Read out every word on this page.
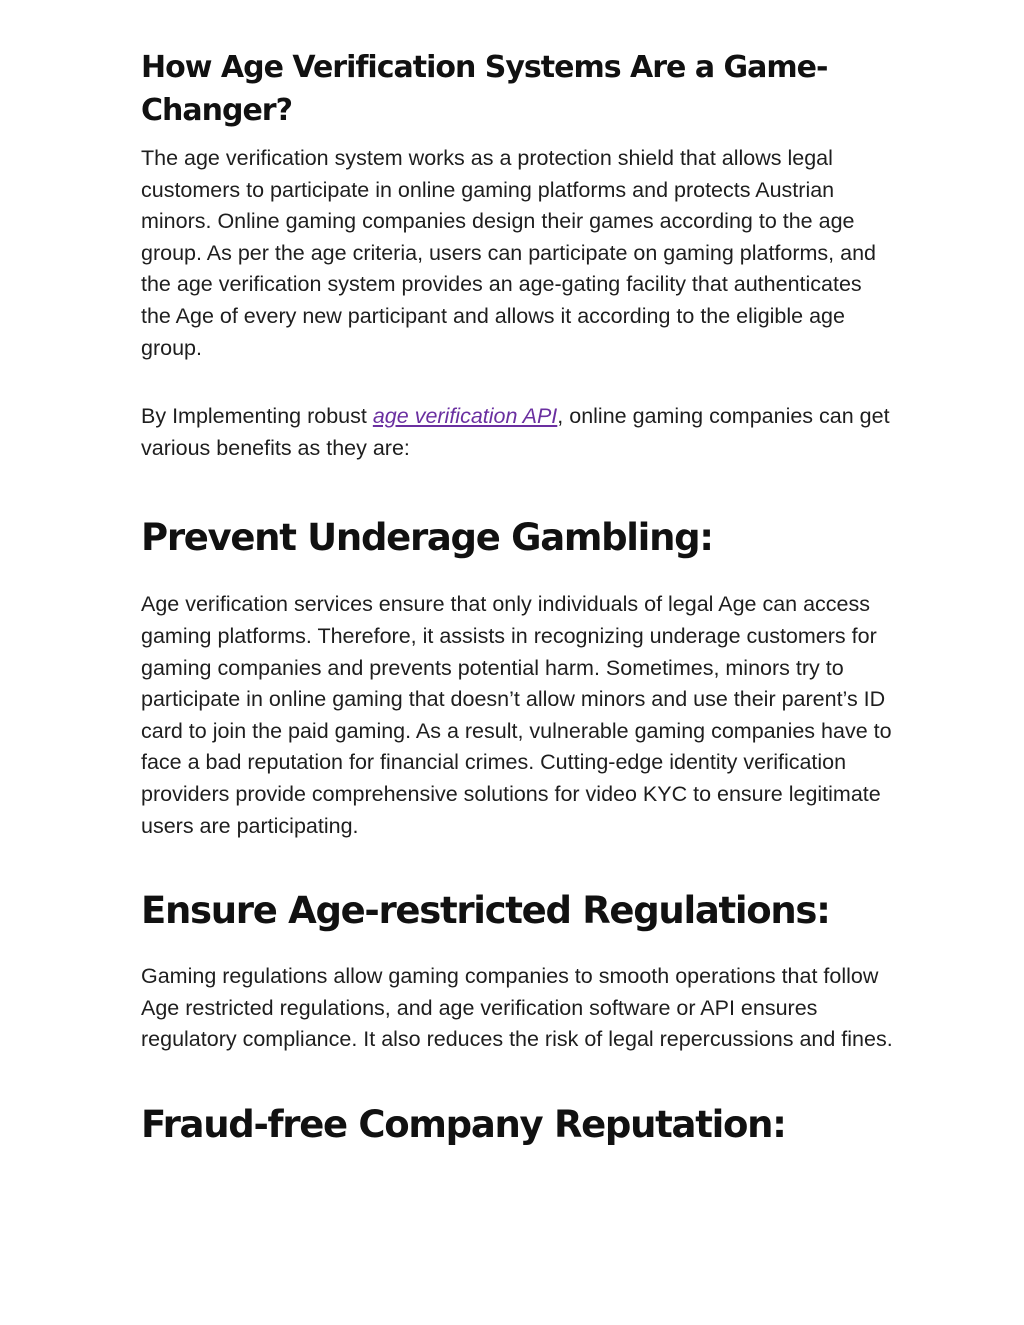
How Age Verification Systems Are a Game-Changer?

The age verification system works as a protection shield that allows legal customers to participate in online gaming platforms and protects Austrian minors. Online gaming companies design their games according to the age group. As per the age criteria, users can participate on gaming platforms, and the age verification system provides an age-gating facility that authenticates the Age of every new participant and allows it according to the eligible age group.

By Implementing robust age verification API, online gaming companies can get various benefits as they are:

Prevent Underage Gambling:

Age verification services ensure that only individuals of legal Age can access gaming platforms. Therefore, it assists in recognizing underage customers for gaming companies and prevents potential harm. Sometimes, minors try to participate in online gaming that doesn’t allow minors and use their parent’s ID card to join the paid gaming. As a result, vulnerable gaming companies have to face a bad reputation for financial crimes. Cutting-edge identity verification providers provide comprehensive solutions for video KYC to ensure legitimate users are participating.

Ensure Age-restricted Regulations:

Gaming regulations allow gaming companies to smooth operations that follow Age restricted regulations, and age verification software or API ensures regulatory compliance. It also reduces the risk of legal repercussions and fines.

Fraud-free Company Reputation:
